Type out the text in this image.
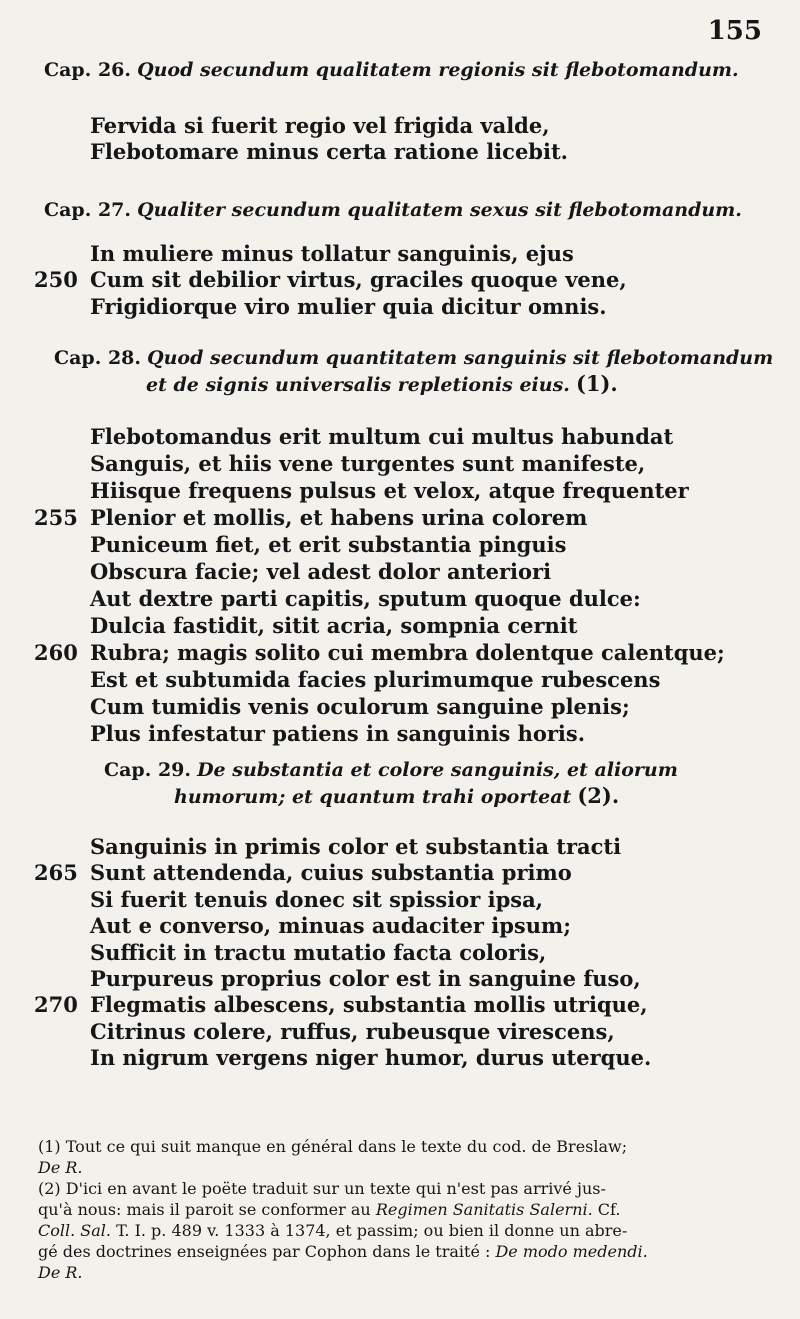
155
Cap. 26. Quod secundum qualitatem regionis sit flebotomandum.
Fervida si fuerit regio vel frigida valde,
Flebotomare minus certa ratione licebit.
Cap. 27. Qualiter secundum qualitatem sexus sit flebotomandum.
In muliere minus tollatur sanguinis, ejus
250 Cum sit debilior virtus, graciles quoque vene,
Frigidiorque viro mulier quia dicitur omnis.
Cap. 28. Quod secundum quantitatem sanguinis sit flebotomandum
et de signis universalis repletionis eius. (1).
Flebotomandus erit multum cui multus habundat
Sanguis, et hiis vene turgentes sunt manifeste,
Hiisque frequens pulsus et velox, atque frequenter
255 Plenior et mollis, et habens urina colorem
Puniceum fiet, et erit substantia pinguis
Obscura facie; vel adest dolor anteriori
Aut dextre parti capitis, sputum quoque dulce:
Dulcia fastidit, sitit acria, sompnia cernit
260 Rubra; magis solito cui membra dolentque calentque;
Est et subtumida facies plurimumque rubescens
Cum tumidis venis oculorum sanguine plenis;
Plus infestatur patiens in sanguinis horis.
Cap. 29. De substantia et colore sanguinis, et aliorum
humorum; et quantum trahi oporteat (2).
Sanguinis in primis color et substantia tracti
265 Sunt attendenda, cuius substantia primo
Si fuerit tenuis donec sit spissior ipsa,
Aut e converso, minuas audaciter ipsum;
Sufficit in tractu mutatio facta coloris,
Purpureus proprius color est in sanguine fuso,
270 Flegmatis albescens, substantia mollis utrique,
Citrinus colere, ruffus, rubeusque virescens,
In nigrum vergens niger humor, durus uterque.
(1) Tout ce qui suit manque en général dans le texte du cod. de Breslaw;
De R.
(2) D'ici en avant le poëte traduit sur un texte qui n'est pas arrivé jus-
qu'à nous: mais il paroit se conformer au Regimen Sanitatis Salerni. Cf.
Coll. Sal. T. I. p. 489 v. 1333 à 1374, et passim; ou bien il donne un abre-
gé des doctrines enseignées par Cophon dans le traité : De modo medendi.
De R.
